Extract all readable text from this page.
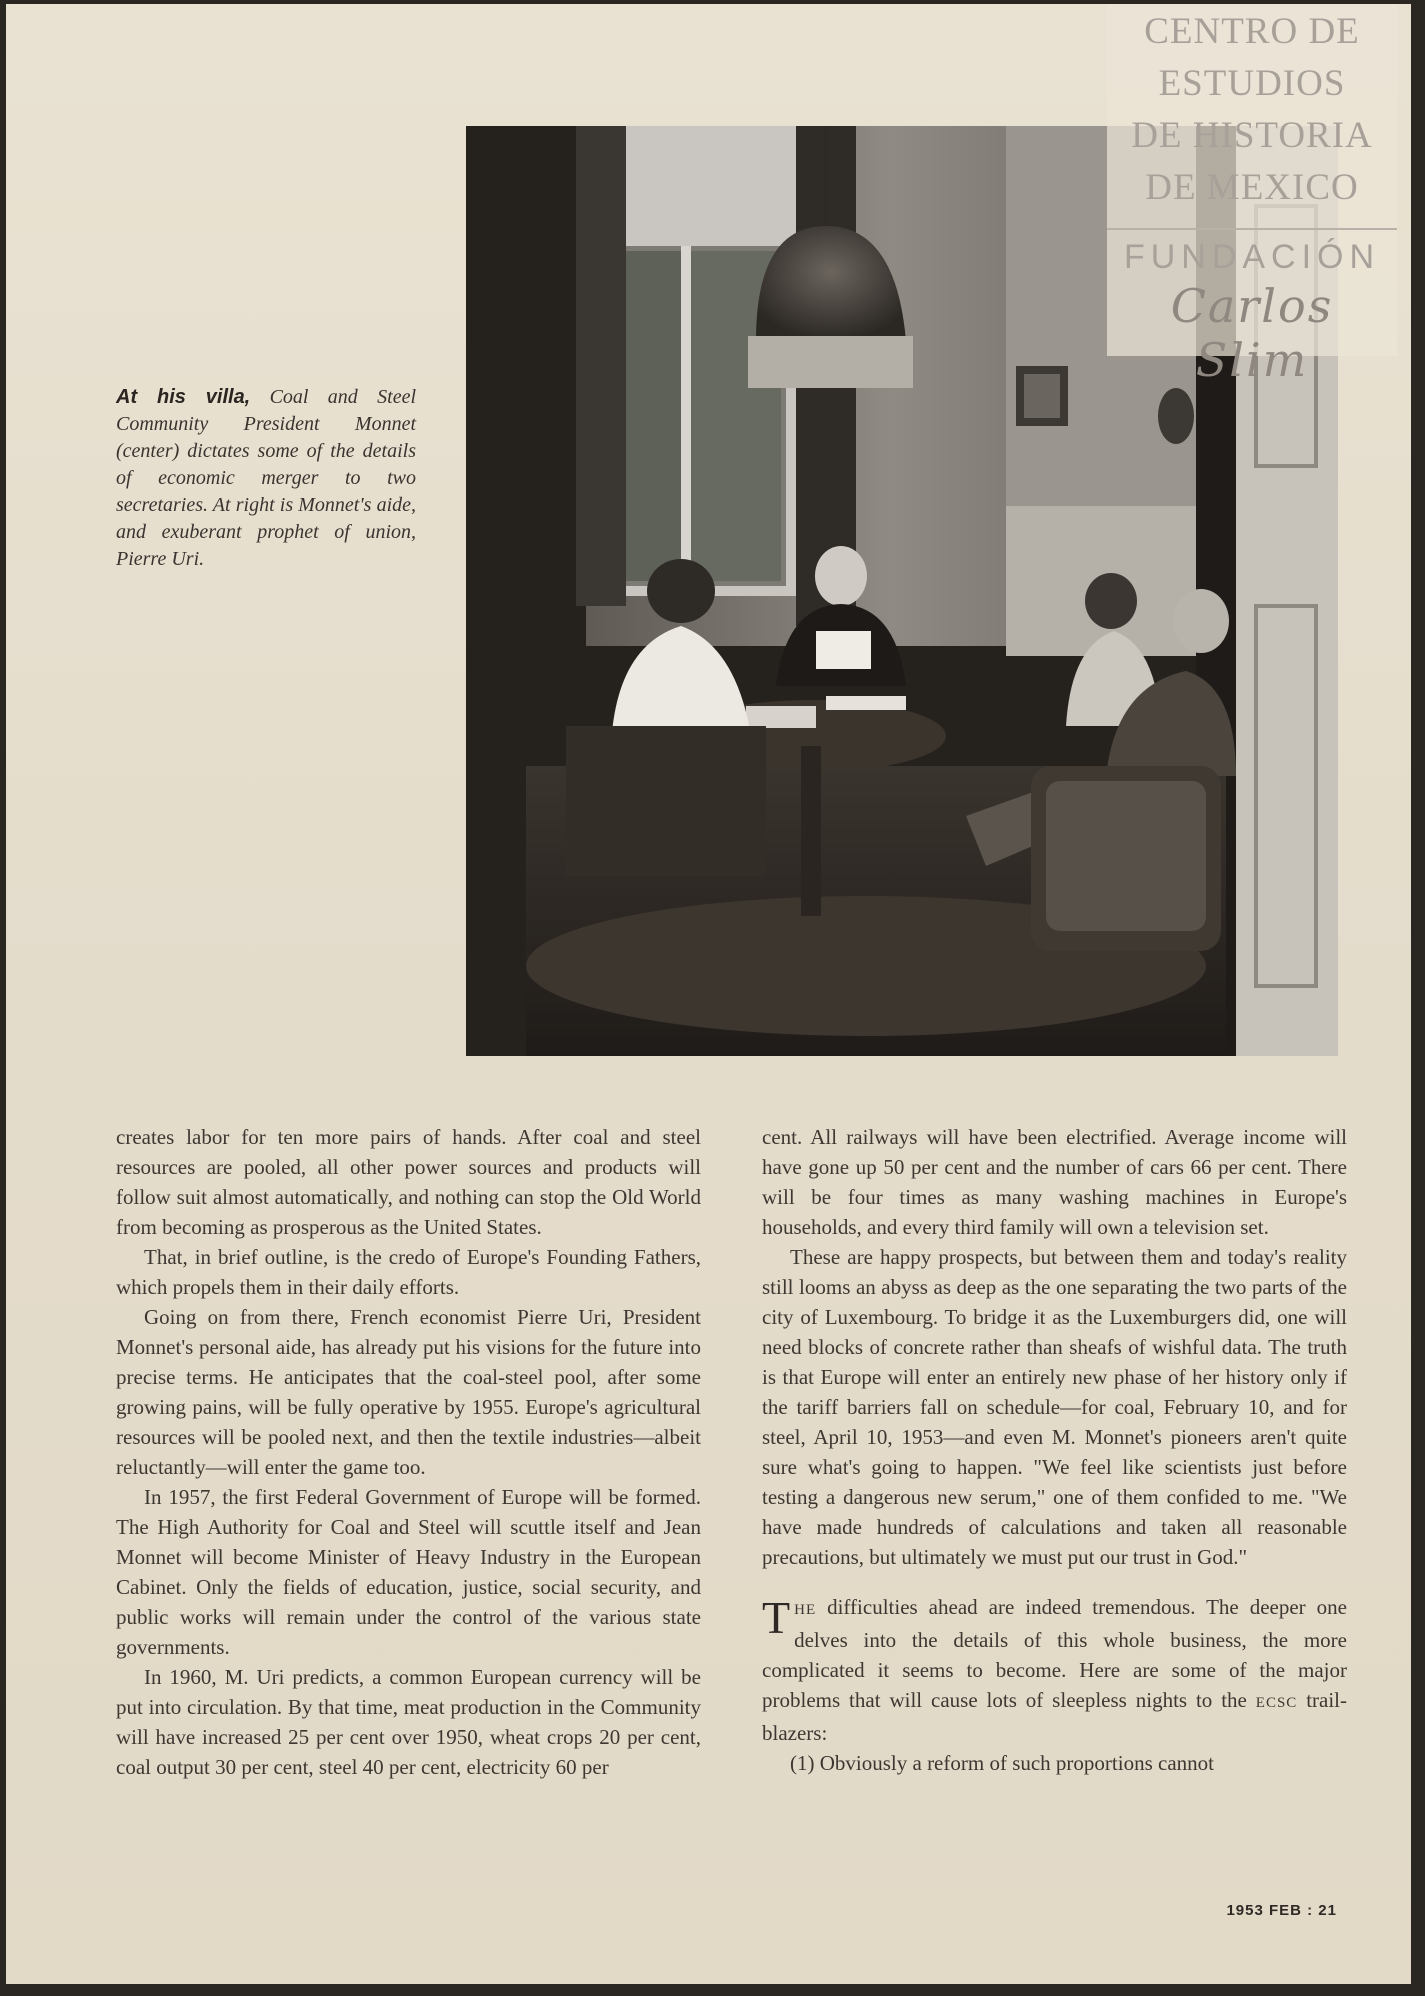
CENTRO DE
ESTUDIOS
DE HISTORIA
DE MEXICO
FUNDACIÓN
Carlos Slim
At his villa, Coal and Steel Community President Monnet (center) dictates some of the details of economic merger to two secretaries. At right is Monnet's aide, and exuberant prophet of union, Pierre Uri.

creates labor for ten more pairs of hands. After coal and steel resources are pooled, all other power sources and products will follow suit almost automatically, and nothing can stop the Old World from becoming as prosperous as the United States.

That, in brief outline, is the credo of Europe's Founding Fathers, which propels them in their daily efforts.

Going on from there, French economist Pierre Uri, President Monnet's personal aide, has already put his visions for the future into precise terms. He anticipates that the coal-steel pool, after some growing pains, will be fully operative by 1955. Europe's agricultural resources will be pooled next, and then the textile industries—albeit reluctantly—will enter the game too.

In 1957, the first Federal Government of Europe will be formed. The High Authority for Coal and Steel will scuttle itself and Jean Monnet will become Minister of Heavy Industry in the European Cabinet. Only the fields of education, justice, social security, and public works will remain under the control of the various state governments.

In 1960, M. Uri predicts, a common European currency will be put into circulation. By that time, meat production in the Community will have increased 25 per cent over 1950, wheat crops 20 per cent, coal output 30 per cent, steel 40 per cent, electricity 60 per

cent. All railways will have been electrified. Average income will have gone up 50 per cent and the number of cars 66 per cent. There will be four times as many washing machines in Europe's households, and every third family will own a television set.

These are happy prospects, but between them and today's reality still looms an abyss as deep as the one separating the two parts of the city of Luxembourg. To bridge it as the Luxemburgers did, one will need blocks of concrete rather than sheafs of wishful data. The truth is that Europe will enter an entirely new phase of her history only if the tariff barriers fall on schedule—for coal, February 10, and for steel, April 10, 1953—and even M. Monnet's pioneers aren't quite sure what's going to happen. "We feel like scientists just before testing a dangerous new serum," one of them confided to me. "We have made hundreds of calculations and taken all reasonable precautions, but ultimately we must put our trust in God."

THE difficulties ahead are indeed tremendous. The deeper one delves into the details of this whole business, the more complicated it seems to become. Here are some of the major problems that will cause lots of sleepless nights to the ECSC trail-blazers:

(1) Obviously a reform of such proportions cannot

1953 FEB : 21
